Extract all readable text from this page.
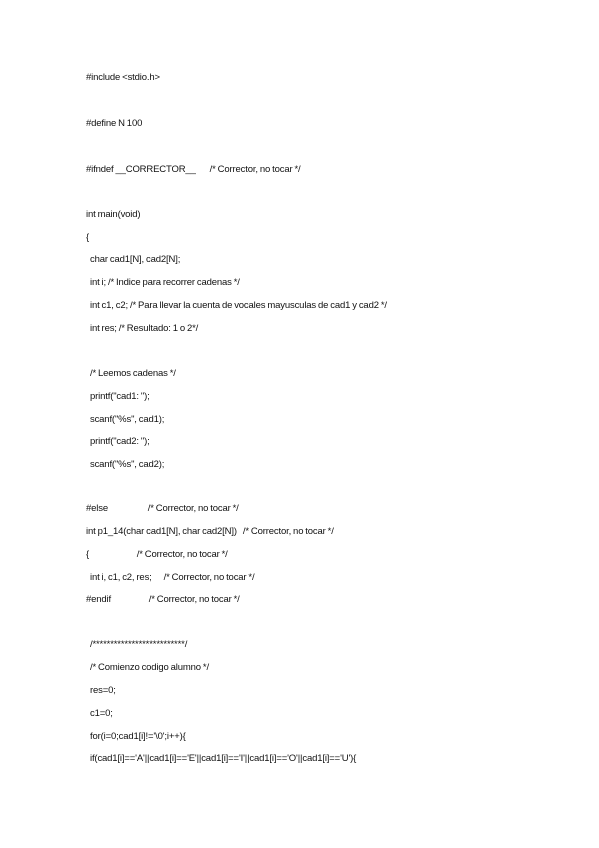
#include <stdio.h>
#define N 100
#ifndef __CORRECTOR__       /* Corrector, no tocar */
int main(void)
{
char cad1[N], cad2[N];
int i; /* Indice para recorrer cadenas */
int c1, c2; /* Para llevar la cuenta de vocales mayusculas de cad1 y cad2 */
int res; /* Resultado: 1 o 2*/
/* Leemos cadenas */
printf("cad1: ");
scanf("%s", cad1);
printf("cad2: ");
scanf("%s", cad2);
#else                    /* Corrector, no tocar */
int p1_14(char cad1[N], char cad2[N])   /* Corrector, no tocar */
{                        /* Corrector, no tocar */
int i, c1, c2, res;      /* Corrector, no tocar */
#endif                   /* Corrector, no tocar */
/**************************/
/* Comienzo codigo alumno */
res=0;
c1=0;
for(i=0;cad1[i]!='\0';i++){
if(cad1[i]=='A'||cad1[i]=='E'||cad1[i]=='I'||cad1[i]=='O'||cad1[i]=='U'){
